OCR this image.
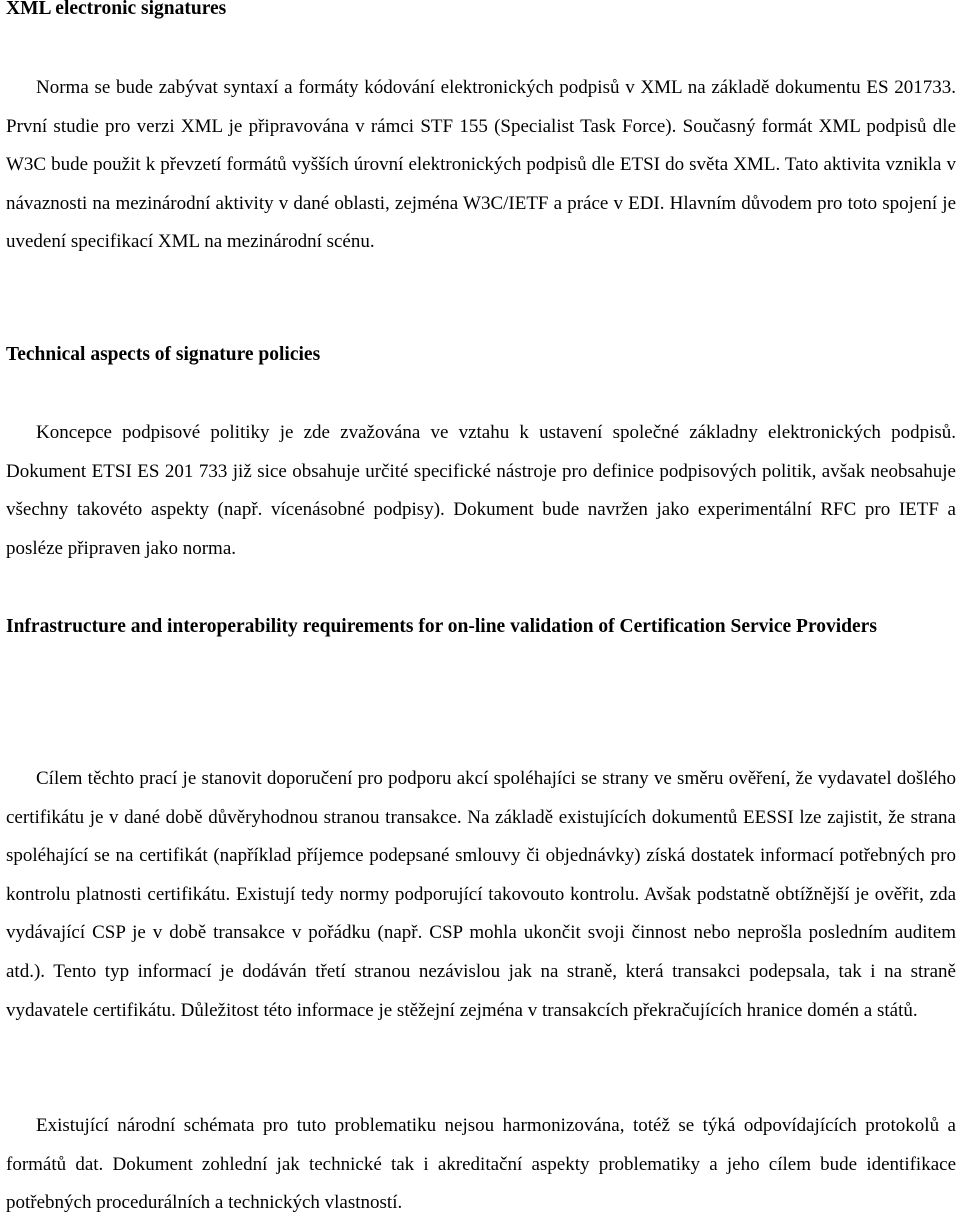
XML electronic signatures

Norma se bude zabývat syntaxí a formáty kódování elektronických podpisů v XML na základě dokumentu ES 201733. První studie pro verzi XML je připravována v rámci STF 155 (Specialist Task Force). Současný formát XML podpisů dle W3C bude použit k převzetí formátů vyšších úrovní elektronických podpisů dle ETSI do světa XML. Tato aktivita vznikla v návaznosti na mezinárodní aktivity v dané oblasti, zejména W3C/IETF a práce v EDI. Hlavním důvodem pro toto spojení je uvedení specifikací XML na mezinárodní scénu.

Technical aspects of signature policies

Koncepce podpisové politiky je zde zvažována ve vztahu k ustavení společné základny elektronických podpisů. Dokument ETSI ES 201 733 již sice obsahuje určité specifické nástroje pro definice podpisových politik, avšak neobsahuje všechny takovéto aspekty (např. vícenásobné podpisy). Dokument bude navržen jako experimentální RFC pro IETF a posléze připraven jako norma.

Infrastructure and interoperability requirements for on-line validation of Certification Service Providers

Cílem těchto prací je stanovit doporučení pro podporu akcí spoléhajíci se strany ve směru ověření, že vydavatel došlého certifikátu je v dané době důvěryhodnou stranou transakce. Na základě existujících dokumentů EESSI lze zajistit, že strana spoléhající se na certifikát (například příjemce podepsané smlouvy či objednávky) získá dostatek informací potřebných pro kontrolu platnosti certifikátu. Existují tedy normy podporující takovouto kontrolu. Avšak podstatně obtížnější je ověřit, zda vydávající CSP je v době transakce v pořádku (např. CSP mohla ukončit svoji činnost nebo neprošla posledním auditem atd.). Tento typ informací je dodáván třetí stranou nezávislou jak na straně, která transakci podepsala, tak i na straně vydavatele certifikátu. Důležitost této informace je stěžejní zejména v transakcích překračujících hranice domén a států.

Existující národní schémata pro tuto problematiku nejsou harmonizována, totéž se týká odpovídajících protokolů a formátů dat. Dokument zohlední jak technické tak i akreditační aspekty problematiky a jeho cílem bude identifikace potřebných procedurálních a technických vlastností.
